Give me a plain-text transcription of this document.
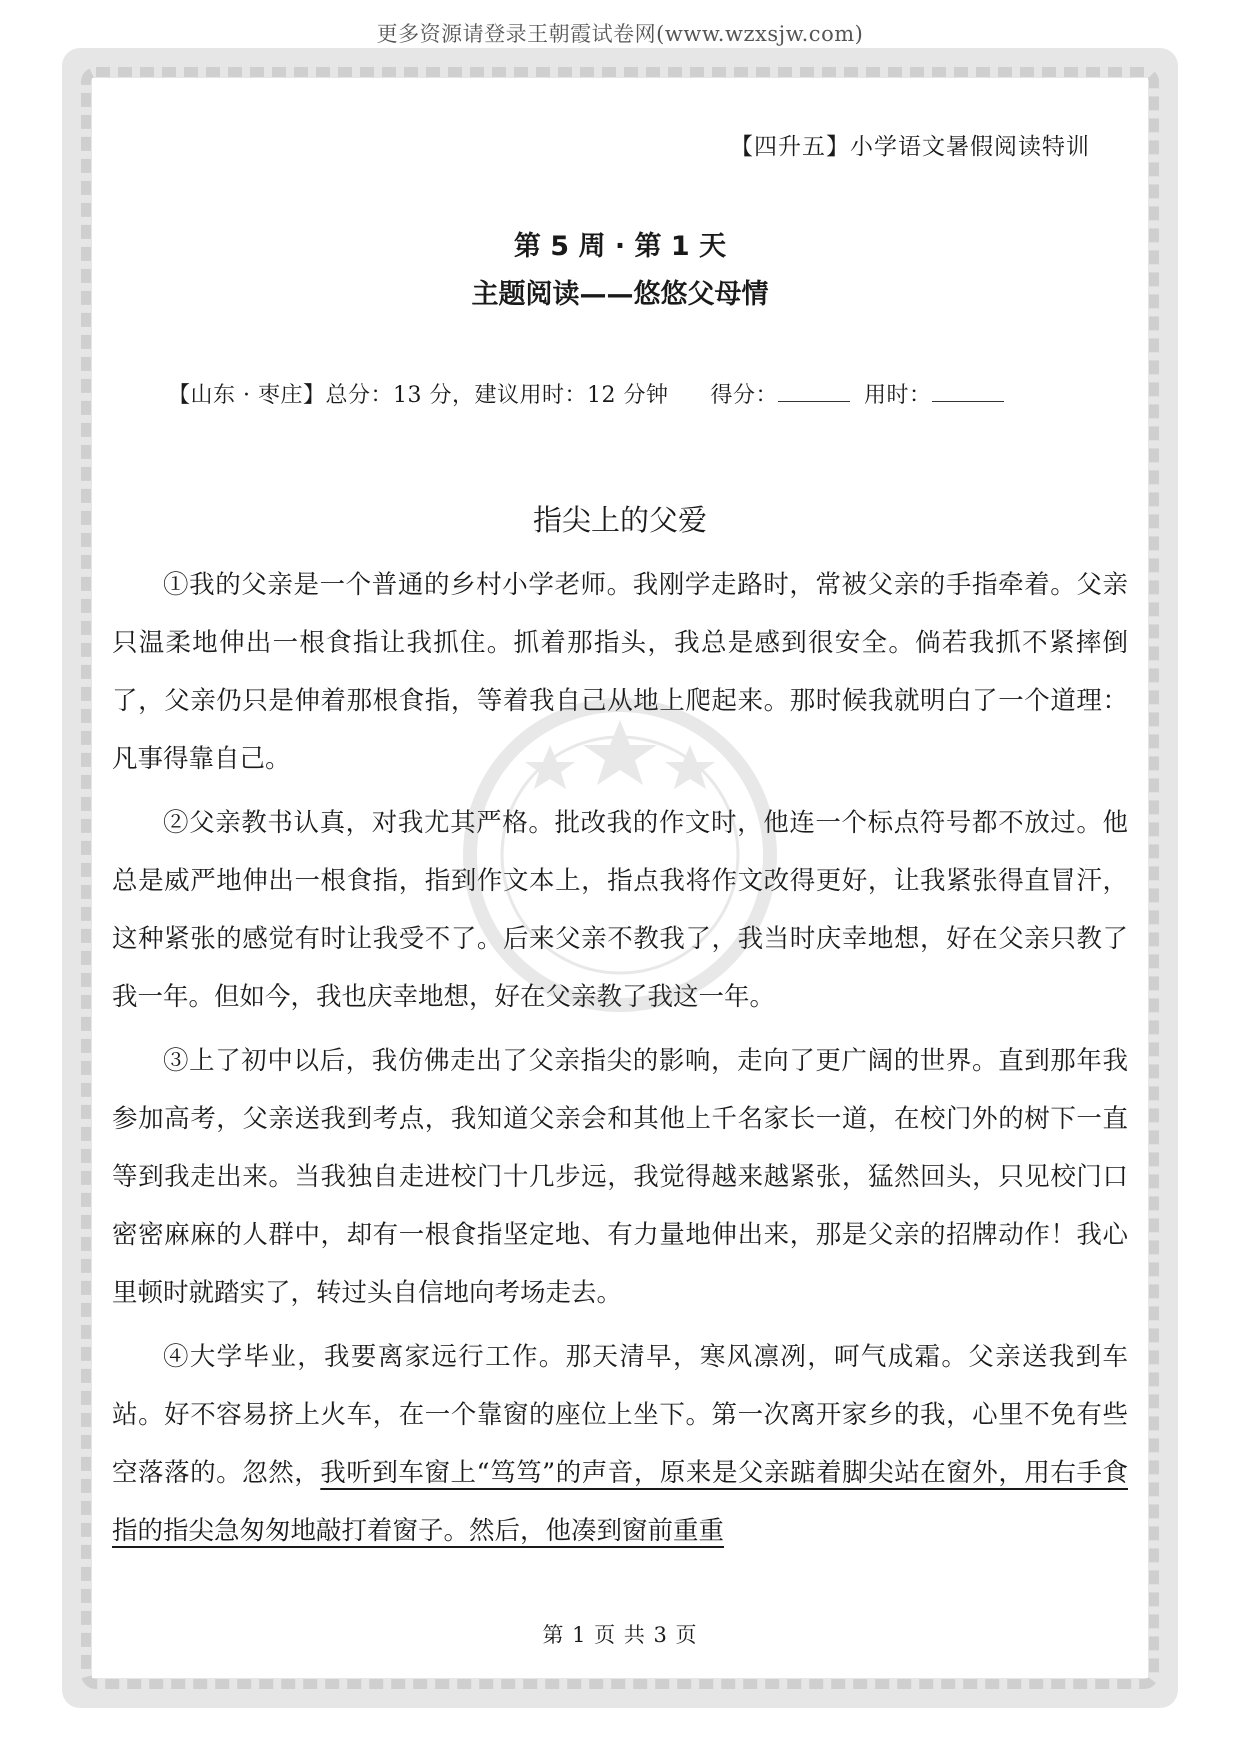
更多资源请登录王朝霞试卷网(www.wzxsjw.com)
【四升五】小学语文暑假阅读特训
第 5 周 · 第 1 天
主题阅读——悠悠父母情
【山东 · 枣庄】总分：13 分，建议用时：12 分钟 得分：	用时：
指尖上的父爱

①我的父亲是一个普通的乡村小学老师。我刚学走路时，常被父亲的手指牵着。父亲只温柔地伸出一根食指让我抓住。抓着那指头，我总是感到很安全。倘若我抓不紧摔倒了，父亲仍只是伸着那根食指，等着我自己从地上爬起来。那时候我就明白了一个道理：凡事得靠自己。

②父亲教书认真，对我尤其严格。批改我的作文时，他连一个标点符号都不放过。他总是威严地伸出一根食指，指到作文本上，指点我将作文改得更好，让我紧张得直冒汗，这种紧张的感觉有时让我受不了。后来父亲不教我了，我当时庆幸地想，好在父亲只教了我一年。但如今，我也庆幸地想，好在父亲教了我这一年。

③上了初中以后，我仿佛走出了父亲指尖的影响，走向了更广阔的世界。直到那年我参加高考，父亲送我到考点，我知道父亲会和其他上千名家长一道，在校门外的树下一直等到我走出来。当我独自走进校门十几步远，我觉得越来越紧张，猛然回头，只见校门口密密麻麻的人群中，却有一根食指坚定地、有力量地伸出来，那是父亲的招牌动作！我心里顿时就踏实了，转过头自信地向考场走去。

④大学毕业，我要离家远行工作。那天清早，寒风凛冽，呵气成霜。父亲送我到车站。好不容易挤上火车，在一个靠窗的座位上坐下。第一次离开家乡的我，心里不免有些空落落的。忽然，我听到车窗上“笃笃”的声音，原来是父亲踮着脚尖站在窗外，用右手食指的指尖急匆匆地敲打着窗子。然后，他凑到窗前重重

第 1 页 共 3 页
